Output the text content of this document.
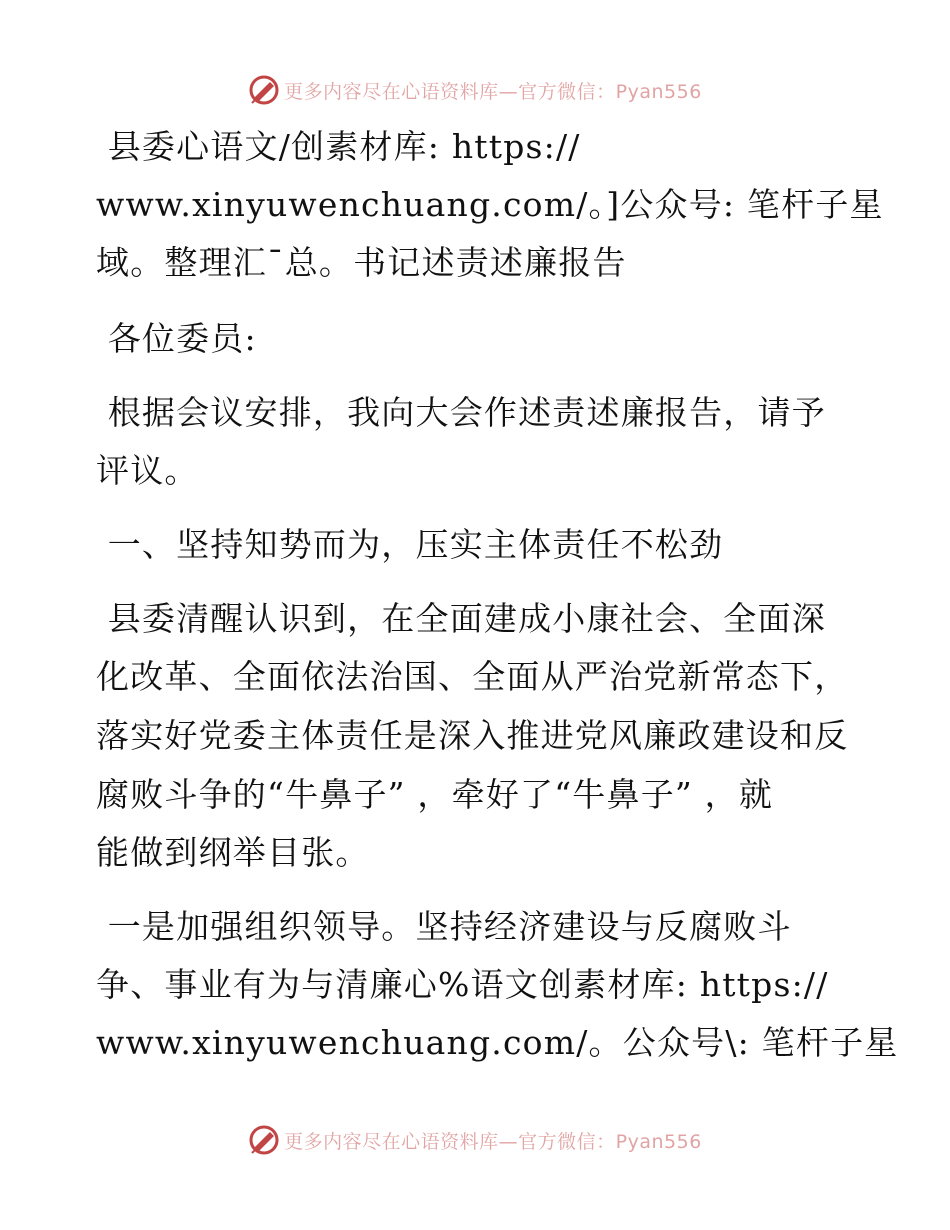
更多内容尽在心语资料库—官方微信：Pyan556
县委心语文/创素材库: https://
www.xinyuwenchuang.com/。]公众号: 笔杆子星
域。整理汇¯总。书记述责述廉报告
各位委员:
根据会议安排，我向大会作述责述廉报告，请予
评议。
一、坚持知势而为，压实主体责任不松劲
县委清醒认识到，在全面建成小康社会、全面深
化改革、全面依法治国、全面从严治党新常态下，
落实好党委主体责任是深入推进党风廉政建设和反
腐败斗争的“牛鼻子” ，牵好了“牛鼻子” ，就
能做到纲举目张。
一是加强组织领导。坚持经济建设与反腐败斗
争、事业有为与清廉心%语文创素材库: https://
www.xinyuwenchuang.com/。公众号\: 笔杆子星
更多内容尽在心语资料库—官方微信：Pyan556
